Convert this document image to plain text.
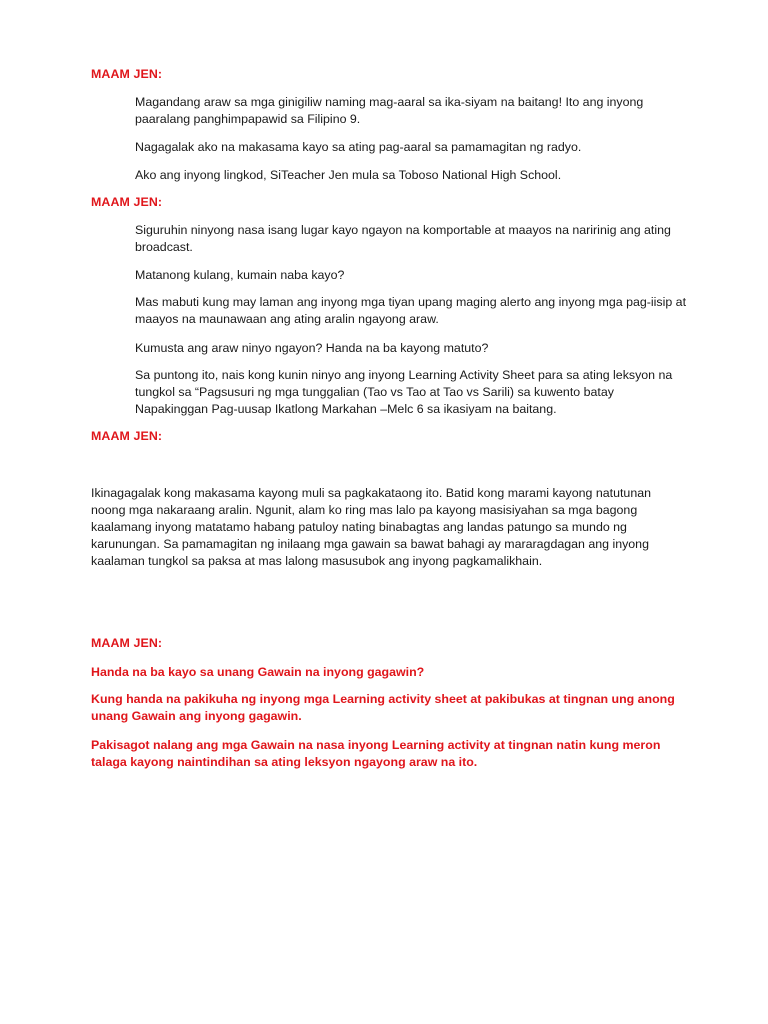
MAAM JEN:

Magandang araw sa mga ginigiliw naming mag-aaral sa ika-siyam na baitang! Ito ang inyong paaralang panghimpapawid sa Filipino 9.

Nagagalak ako na makasama kayo sa ating pag-aaral sa pamamagitan ng radyo.

Ako ang inyong lingkod, SiTeacher Jen mula sa Toboso National High School.

MAAM JEN:

Siguruhin ninyong nasa isang lugar kayo ngayon na komportable at maayos na naririnig ang ating broadcast.

Matanong kulang, kumain naba kayo?

Mas mabuti kung may laman ang inyong mga tiyan upang maging alerto ang inyong mga pag-iisip at maayos na maunawaan ang ating aralin ngayong araw.

Kumusta ang araw ninyo ngayon? Handa na ba kayong matuto?

Sa puntong ito, nais kong kunin ninyo ang inyong Learning Activity Sheet para sa ating leksyon na tungkol sa “Pagsusuri ng mga tunggalian (Tao vs Tao at Tao vs Sarili) sa kuwento batay Napakinggan Pag-uusap Ikatlong Markahan –Melc 6 sa ikasiyam na baitang.

MAAM JEN:

Ikinagagalak kong makasama kayong muli sa pagkakataong ito. Batid kong marami kayong natutunan noong mga nakaraang aralin. Ngunit, alam ko ring mas lalo pa kayong masisiyahan sa mga bagong kaalamang inyong matatamo habang patuloy nating binabagtas ang landas patungo sa mundo ng karunungan. Sa pamamagitan ng inilaang mga gawain sa bawat bahagi ay mararagdagan ang inyong kaalaman tungkol sa paksa at mas lalong masusubok ang inyong pagkamalikhain.

MAAM JEN:

Handa na ba kayo sa unang Gawain na inyong gagawin?

Kung handa na pakikuha ng inyong mga Learning activity sheet at pakibukas at tingnan ung anong unang Gawain ang inyong gagawin.

Pakisagot nalang ang mga Gawain na nasa inyong Learning activity at tingnan natin kung meron talaga kayong naintindihan sa ating leksyon ngayong araw na ito.
